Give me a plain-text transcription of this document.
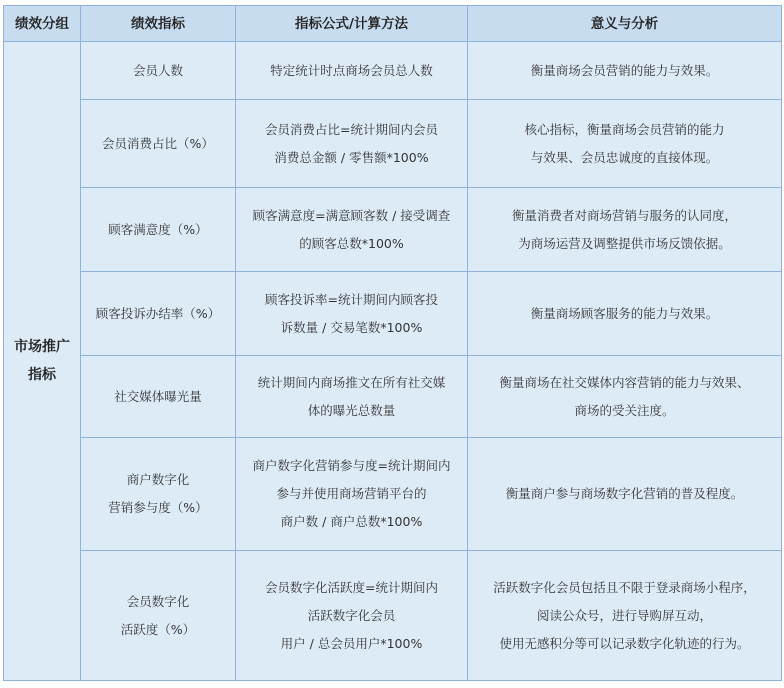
绩效分组	绩效指标	指标公式/计算方法	意义与分析

市场推广
指标	会员人数	特定统计时点商场会员总人数	衡量商场会员营销的能力与效果。

	会员消费占比（%）	会员消费占比=统计期间内会员
消费总金额 / 零售额*100%	核心指标，衡量商场会员营销的能力
与效果、会员忠诚度的直接体现。

	顾客满意度（%）	顾客满意度=满意顾客数 / 接受调查
的顾客总数*100%	衡量消费者对商场营销与服务的认同度，
为商场运营及调整提供市场反馈依据。

	顾客投诉办结率（%）	顾客投诉率=统计期间内顾客投
诉数量 / 交易笔数*100%	衡量商场顾客服务的能力与效果。

	社交媒体曝光量	统计期间内商场推文在所有社交媒
体的曝光总数量	衡量商场在社交媒体内容营销的能力与效果、
商场的受关注度。

	商户数字化
营销参与度（%）	商户数字化营销参与度=统计期间内
参与并使用商场营销平台的
商户数 / 商户总数*100%	衡量商户参与商场数字化营销的普及程度。

	会员数字化
活跃度（%）	会员数字化活跃度=统计期间内
活跃数字化会员
用户 / 总会员用户*100%	活跃数字化会员包括且不限于登录商场小程序，
阅读公众号，进行导购屏互动，
使用无感积分等可以记录数字化轨迹的行为。
